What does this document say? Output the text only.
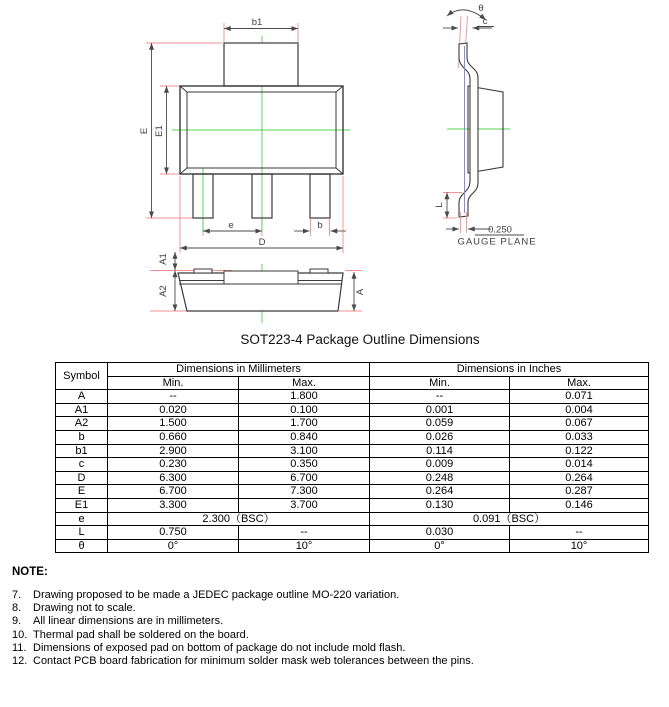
b1
E E1
e	b
D
A1
A2	A
θ
c
L
0.250
GAUGE PLANE
SOT223-4 Package Outline Dimensions
Symbol	Dimensions in Millimeters		Dimensions in Inches	
	Min.	Max.	Min.	Max.
A	--	1.800	--	0.071
A1	0.020	0.100	0.001	0.004
A2	1.500	1.700	0.059	0.067
b	0.660	0.840	0.026	0.033
b1	2.900	3.100	0.114	0.122
c	0.230	0.350	0.009	0.014
D	6.300	6.700	0.248	0.264
E	6.700	7.300	0.264	0.287
E1	3.300	3.700	0.130	0.146
e	2.300（BSC）		0.091（BSC）	
L	0.750	--	0.030	--
θ	0°	10°	0°	10°
NOTE:
7. Drawing proposed to be made a JEDEC package outline MO-220 variation.
8. Drawing not to scale.
9. All linear dimensions are in millimeters.
10. Thermal pad shall be soldered on the board.
11. Dimensions of exposed pad on bottom of package do not include mold flash.
12. Contact PCB board fabrication for minimum solder mask web tolerances between the pins.
